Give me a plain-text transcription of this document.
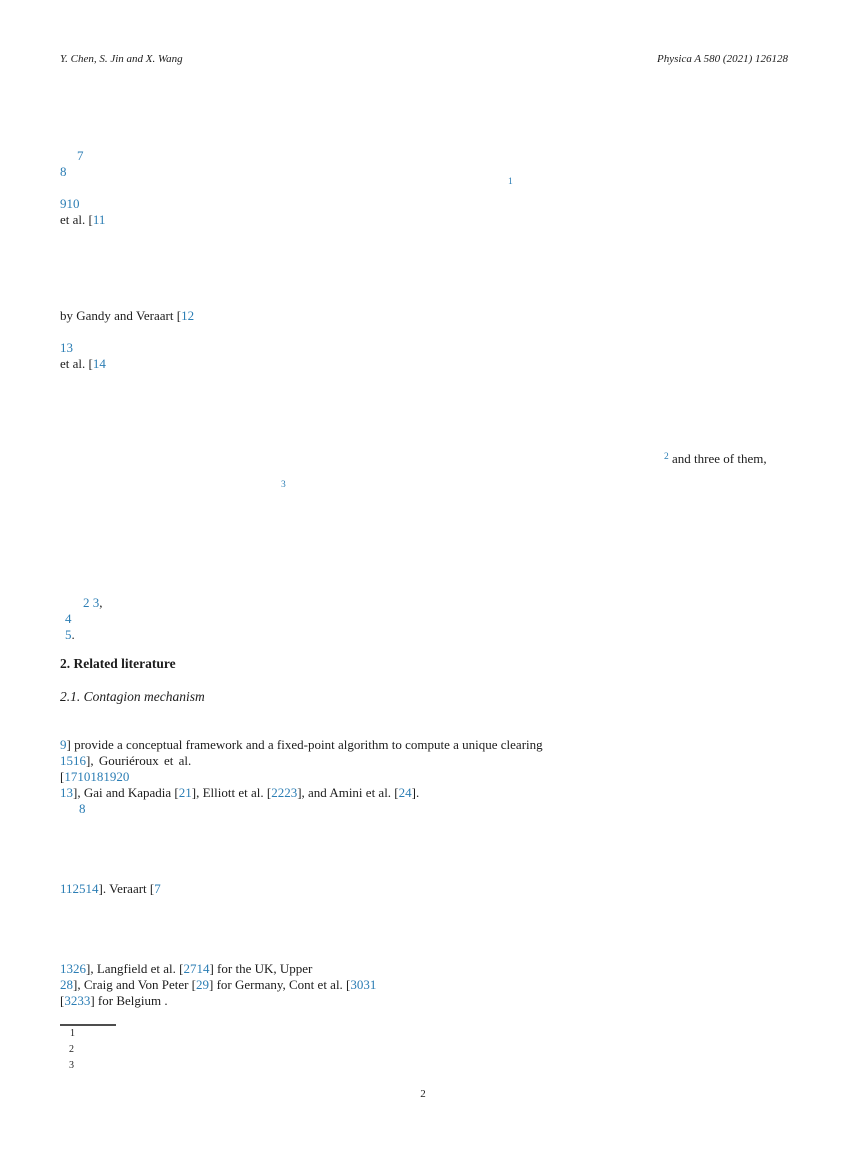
Y. Chen, S. Jin and X. Wang	Physica A 580 (2021) 126128
7
8
$^1$
910
et al. [11
by Gandy and Veraart [12
13
et al. [14
$^2$ and three of them,
$^3$
2 3,
4
5.
2. Related literature
2.1. Contagion mechanism
9] provide a conceptual framework and a fixed-point algorithm to compute a unique clearing
1516], Gouriéroux et al.
[1710181920
13], Gai and Kapadia [21], Elliott et al. [2223], and Amini et al. [24].
8
112514]. Veraart [7
1326], Langfield et al. [2714] for the UK, Upper
28], Craig and Von Peter [29] for Germany, Cont et al. [3031
[3233] for Belgium .
1
2
3
2
